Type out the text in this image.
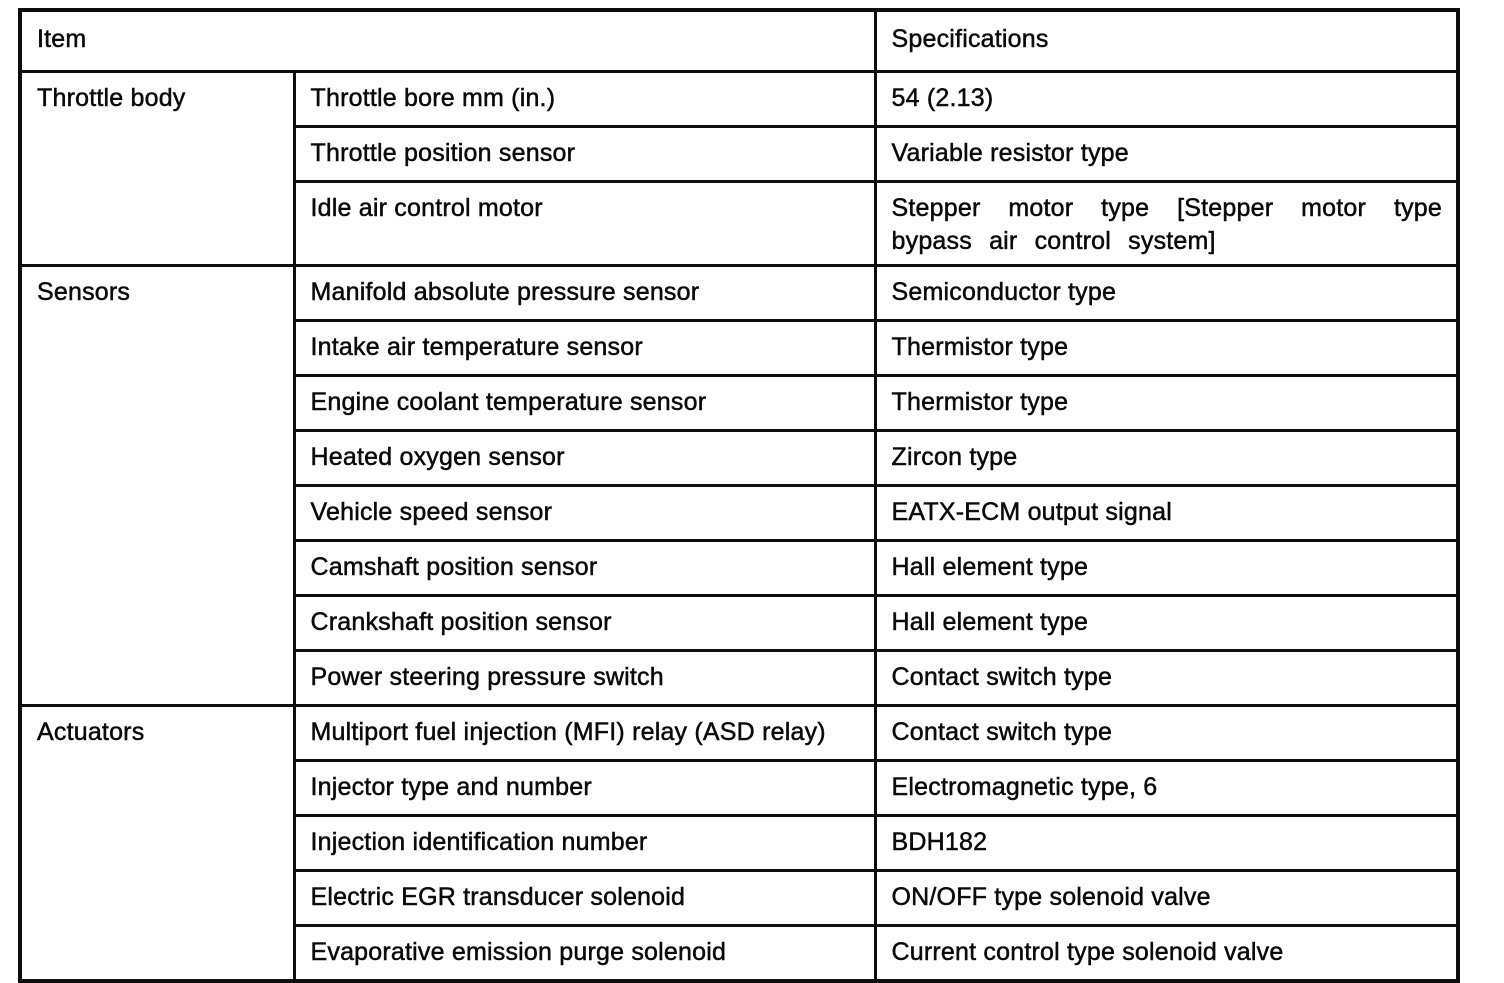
Item		Specifications
Throttle body	Throttle bore mm (in.)	54 (2.13)
	Throttle position sensor	Variable resistor type
	Idle air control motor	Stepper motor type [Stepper motor type bypass air control system]
Sensors	Manifold absolute pressure sensor	Semiconductor type
	Intake air temperature sensor	Thermistor type
	Engine coolant temperature sensor	Thermistor type
	Heated oxygen sensor	Zircon type
	Vehicle speed sensor	EATX-ECM output signal
	Camshaft position sensor	Hall element type
	Crankshaft position sensor	Hall element type
	Power steering pressure switch	Contact switch type
Actuators	Multiport fuel injection (MFI) relay (ASD relay)	Contact switch type
	Injector type and number	Electromagnetic type, 6
	Injection identification number	BDH182
	Electric EGR transducer solenoid	ON/OFF type solenoid valve
	Evaporative emission purge solenoid	Current control type solenoid valve
